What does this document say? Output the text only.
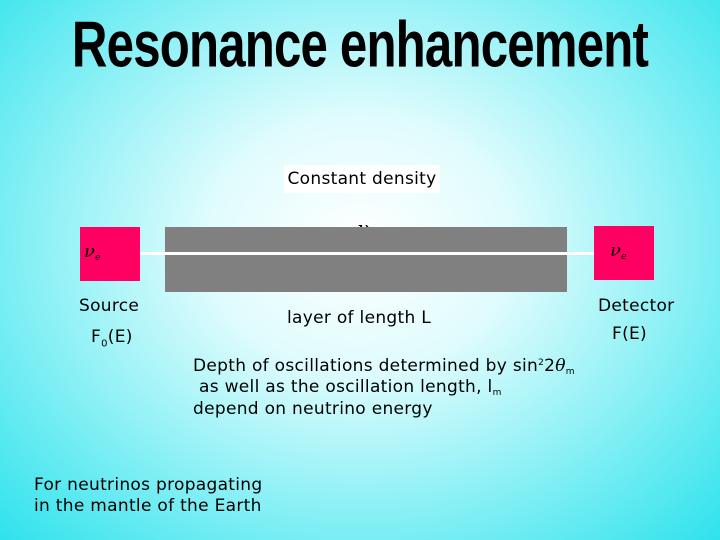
Resonance enhancement
Constant density
$\nu_e$	$\nu_e$
Source
$F_0(E)$
layer of length L
Detector
F(E)
Depth of oscillations determined by $\sin^22\theta_m$
as well as the oscillation length, $l_m$
depend on neutrino energy
For neutrinos propagating
in the mantle of the Earth
